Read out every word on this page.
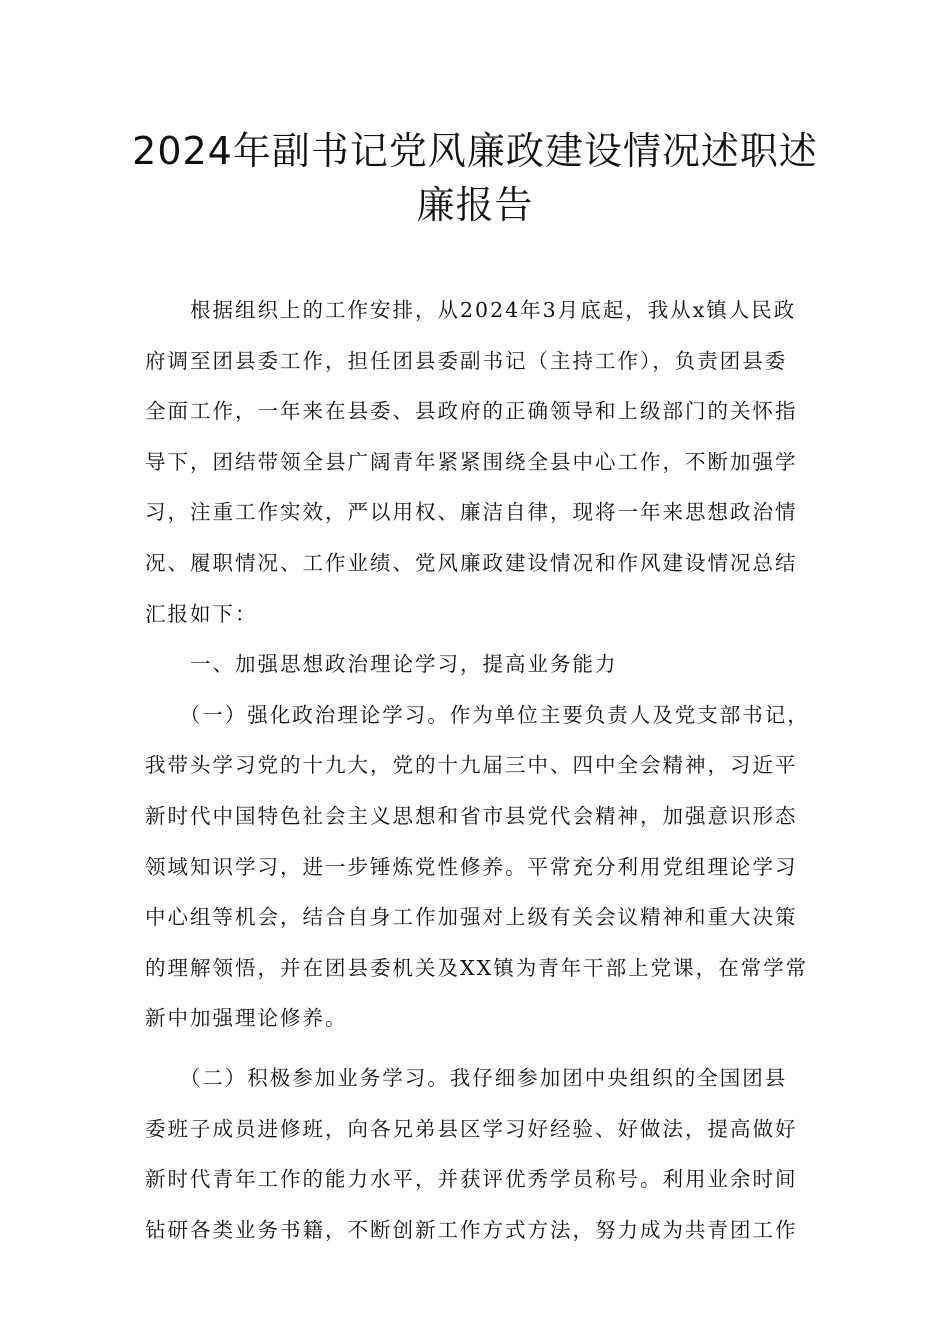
2024年副书记党风廉政建设情况述职述
廉报告
　　根据组织上的工作安排，从2024年3月底起，我从x镇人民政
府调至团县委工作，担任团县委副书记（主持工作），负责团县委
全面工作，一年来在县委、县政府的正确领导和上级部门的关怀指
导下，团结带领全县广阔青年紧紧围绕全县中心工作，不断加强学
习，注重工作实效，严以用权、廉洁自律，现将一年来思想政治情
况、履职情况、工作业绩、党风廉政建设情况和作风建设情况总结
汇报如下：
　　一、加强思想政治理论学习，提高业务能力
　　（一）强化政治理论学习。作为单位主要负责人及党支部书记，
我带头学习党的十九大，党的十九届三中、四中全会精神，习近平
新时代中国特色社会主义思想和省市县党代会精神，加强意识形态
领域知识学习，进一步锤炼党性修养。平常充分利用党组理论学习
中心组等机会，结合自身工作加强对上级有关会议精神和重大决策
的理解领悟，并在团县委机关及XX镇为青年干部上党课，在常学常
新中加强理论修养。
　　（二）积极参加业务学习。我仔细参加团中央组织的全国团县
委班子成员进修班，向各兄弟县区学习好经验、好做法，提高做好
新时代青年工作的能力水平，并获评优秀学员称号。利用业余时间
钻研各类业务书籍，不断创新工作方式方法，努力成为共青团工作
